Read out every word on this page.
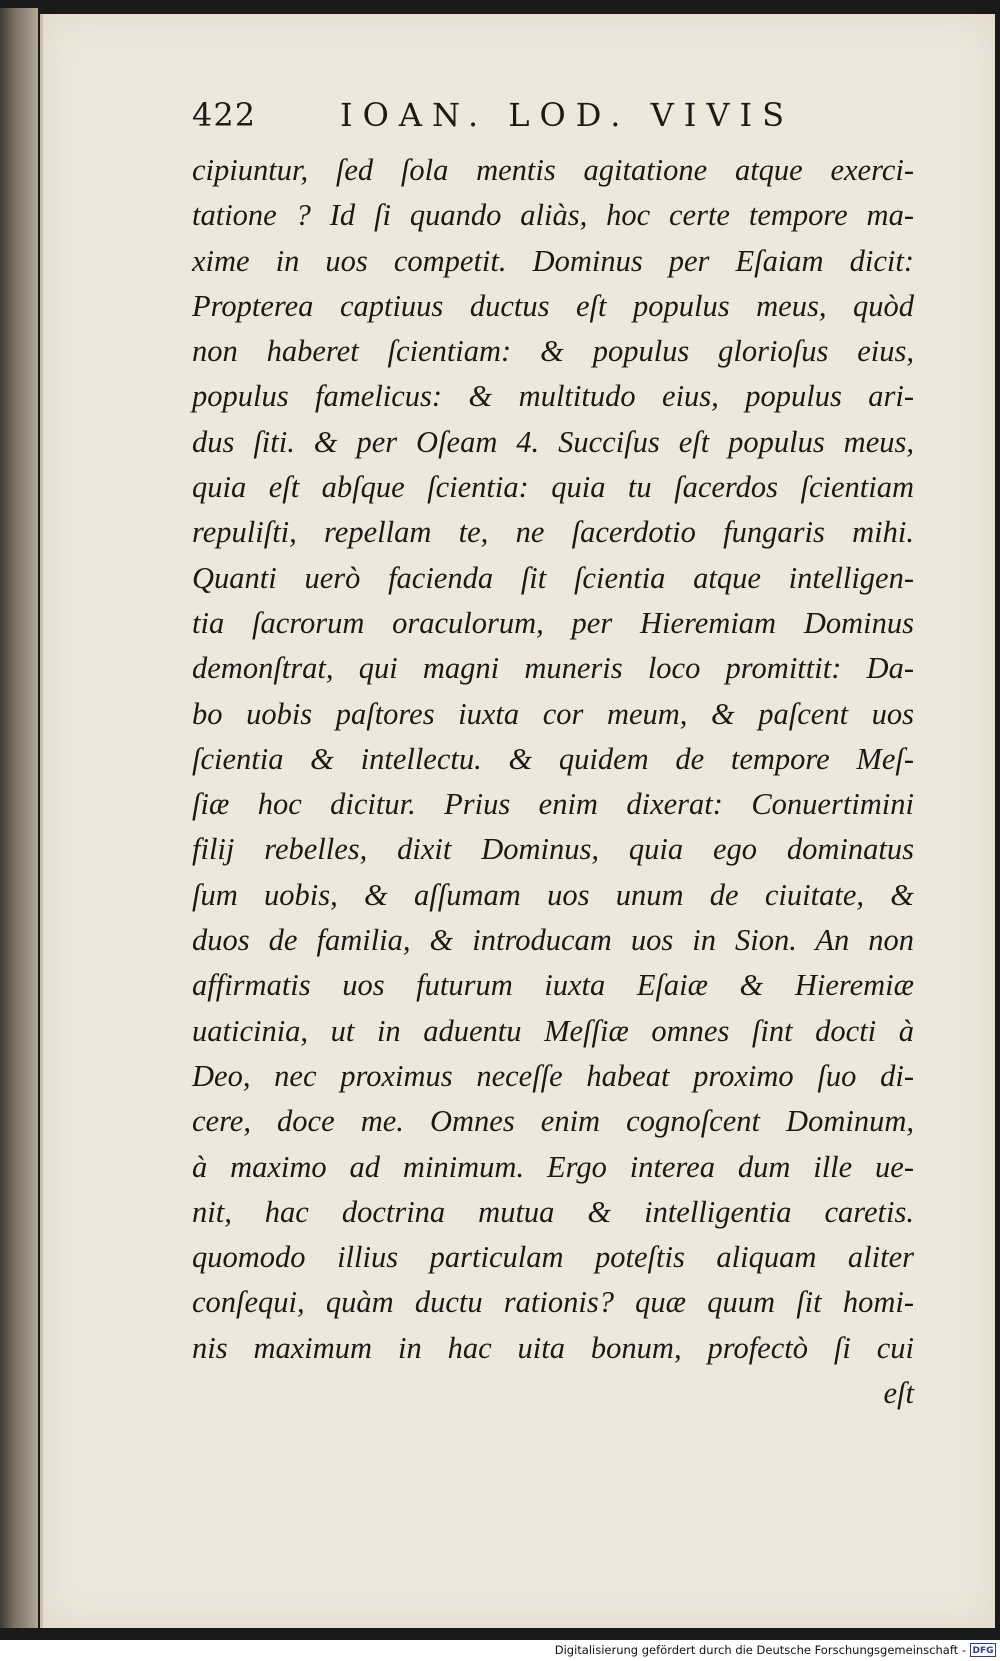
422	IOAN. LOD. VIVIS
cipiuntur, ſed ſola mentis agitatione atque exerci-
tatione ? Id ſi quando aliàs, hoc certe tempore ma-
xime in uos competit. Dominus per Eſaiam dicit:
Propterea captiuus ductus eſt populus meus, quòd
non haberet ſcientiam: & populus glorioſus eius,
populus famelicus: & multitudo eius, populus ari-
dus ſiti. & per Oſeam 4. Succiſus eſt populus meus,
quia eſt abſque ſcientia: quia tu ſacerdos ſcientiam
repuliſti, repellam te, ne ſacerdotio fungaris mihi.
Quanti uerò facienda ſit ſcientia atque intelligen-
tia ſacrorum oraculorum, per Hieremiam Dominus
demonſtrat, qui magni muneris loco promittit: Da-
bo uobis paſtores iuxta cor meum, & paſcent uos
ſcientia & intellectu. & quidem de tempore Meſ-
ſiæ hoc dicitur. Prius enim dixerat: Conuertimini
filij rebelles, dixit Dominus, quia ego dominatus
ſum uobis, & aſſumam uos unum de ciuitate, &
duos de familia, & introducam uos in Sion. An non
affirmatis uos futurum iuxta Eſaiæ & Hieremiæ
uaticinia, ut in aduentu Meſſiæ omnes ſint docti à
Deo, nec proximus neceſſe habeat proximo ſuo di-
cere, doce me. Omnes enim cognoſcent Dominum,
à maximo ad minimum. Ergo interea dum ille ue-
nit, hac doctrina mutua & intelligentia caretis.
quomodo illius particulam poteſtis aliquam aliter
conſequi, quàm ductu rationis? quæ quum ſit homi-
nis maximum in hac uita bonum, profectò ſi cui
eſt
Digitalisierung gefördert durch die Deutsche Forschungsgemeinschaft - DFG
